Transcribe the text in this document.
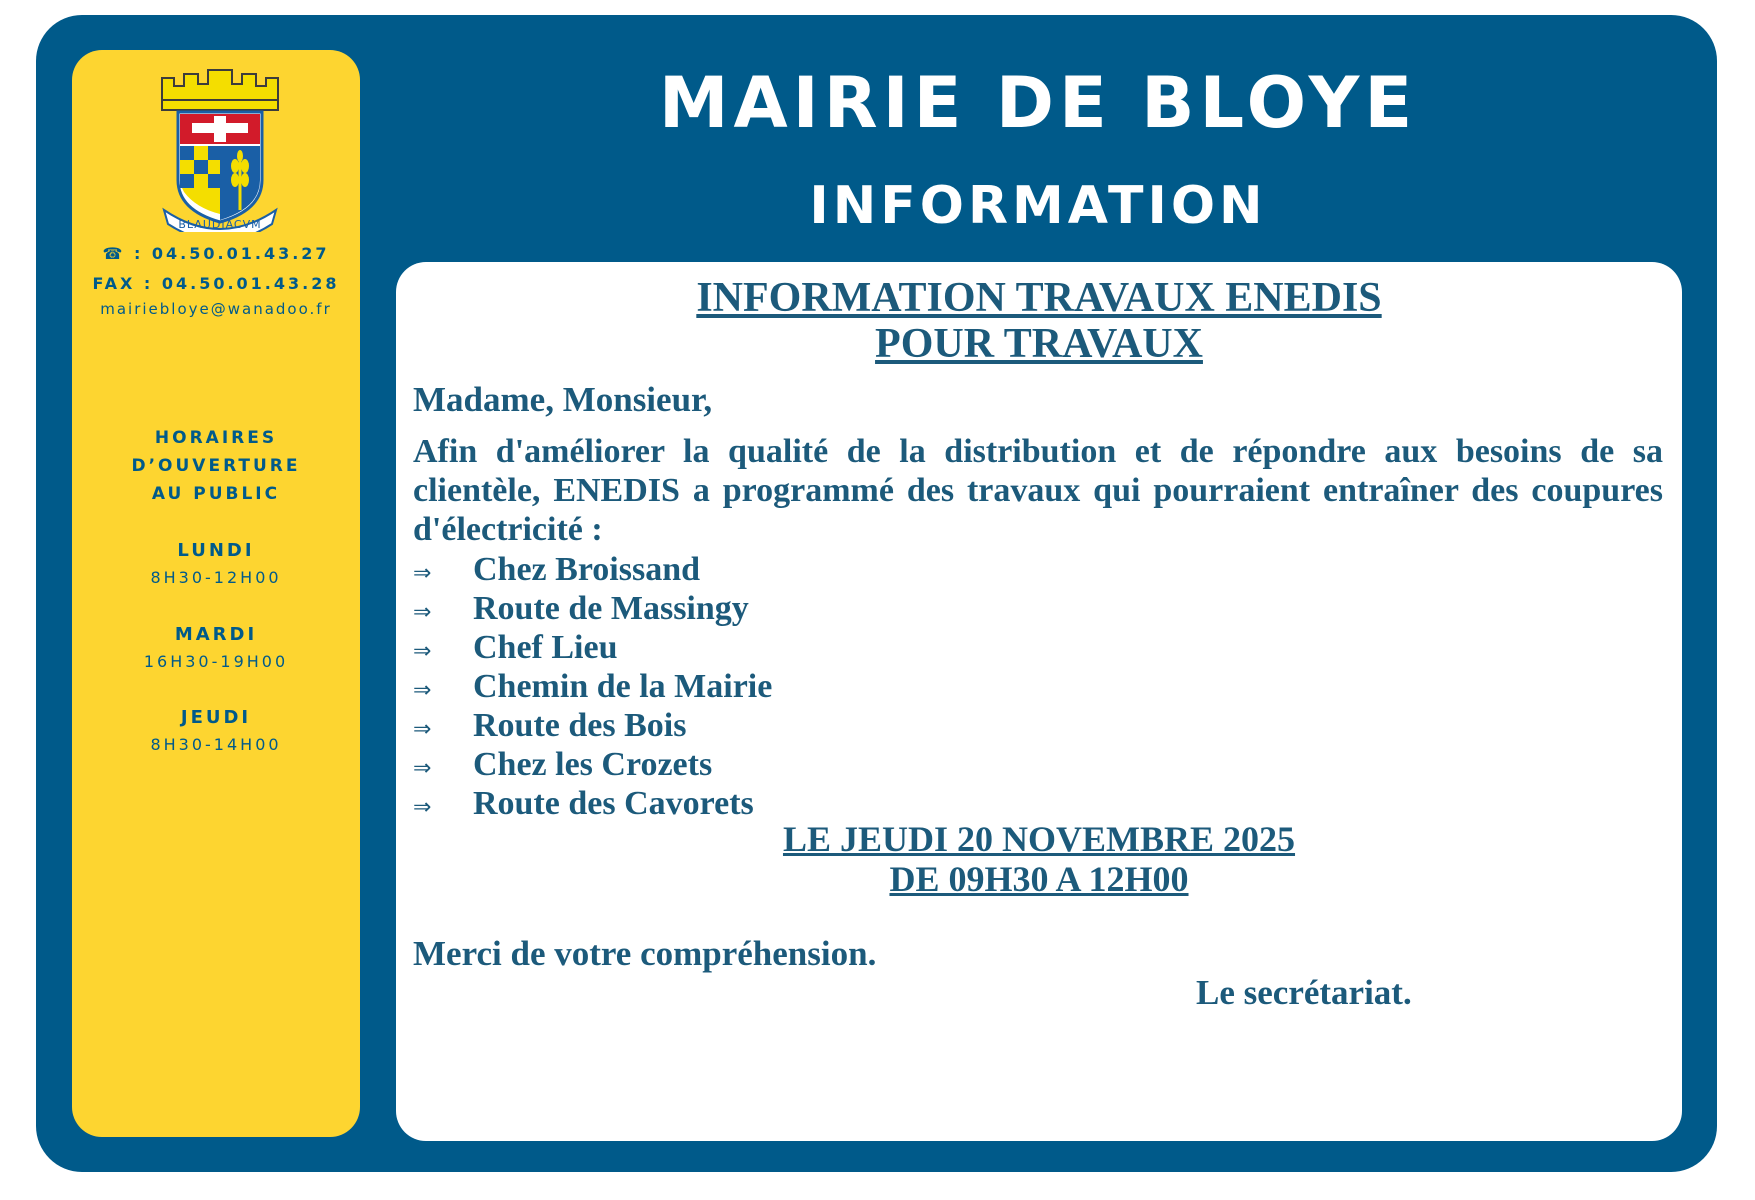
BLAUDIACVM
☎ : 04.50.01.43.27
FAX : 04.50.01.43.28
mairiebloye@wanadoo.fr
HORAIRES
D’OUVERTURE
AU PUBLIC
LUNDI
8H30-12H00
MARDI
16H30-19H00
JEUDI
8H30-14H00
MAIRIE DE BLOYE
INFORMATION
INFORMATION TRAVAUX ENEDIS
POUR TRAVAUX
Madame, Monsieur,
Afin d'améliorer la qualité de la distribution et de répondre aux besoins de sa clientèle, ENEDIS a programmé des travaux qui pourraient entraîner des coupures d'électricité :
⇒ Chez Broissand
⇒ Route de Massingy
⇒ Chef Lieu
⇒ Chemin de la Mairie
⇒ Route des Bois
⇒ Chez les Crozets
⇒ Route des Cavorets
LE JEUDI 20 NOVEMBRE 2025
DE 09H30 A 12H00
Merci de votre compréhension.
Le secrétariat.
